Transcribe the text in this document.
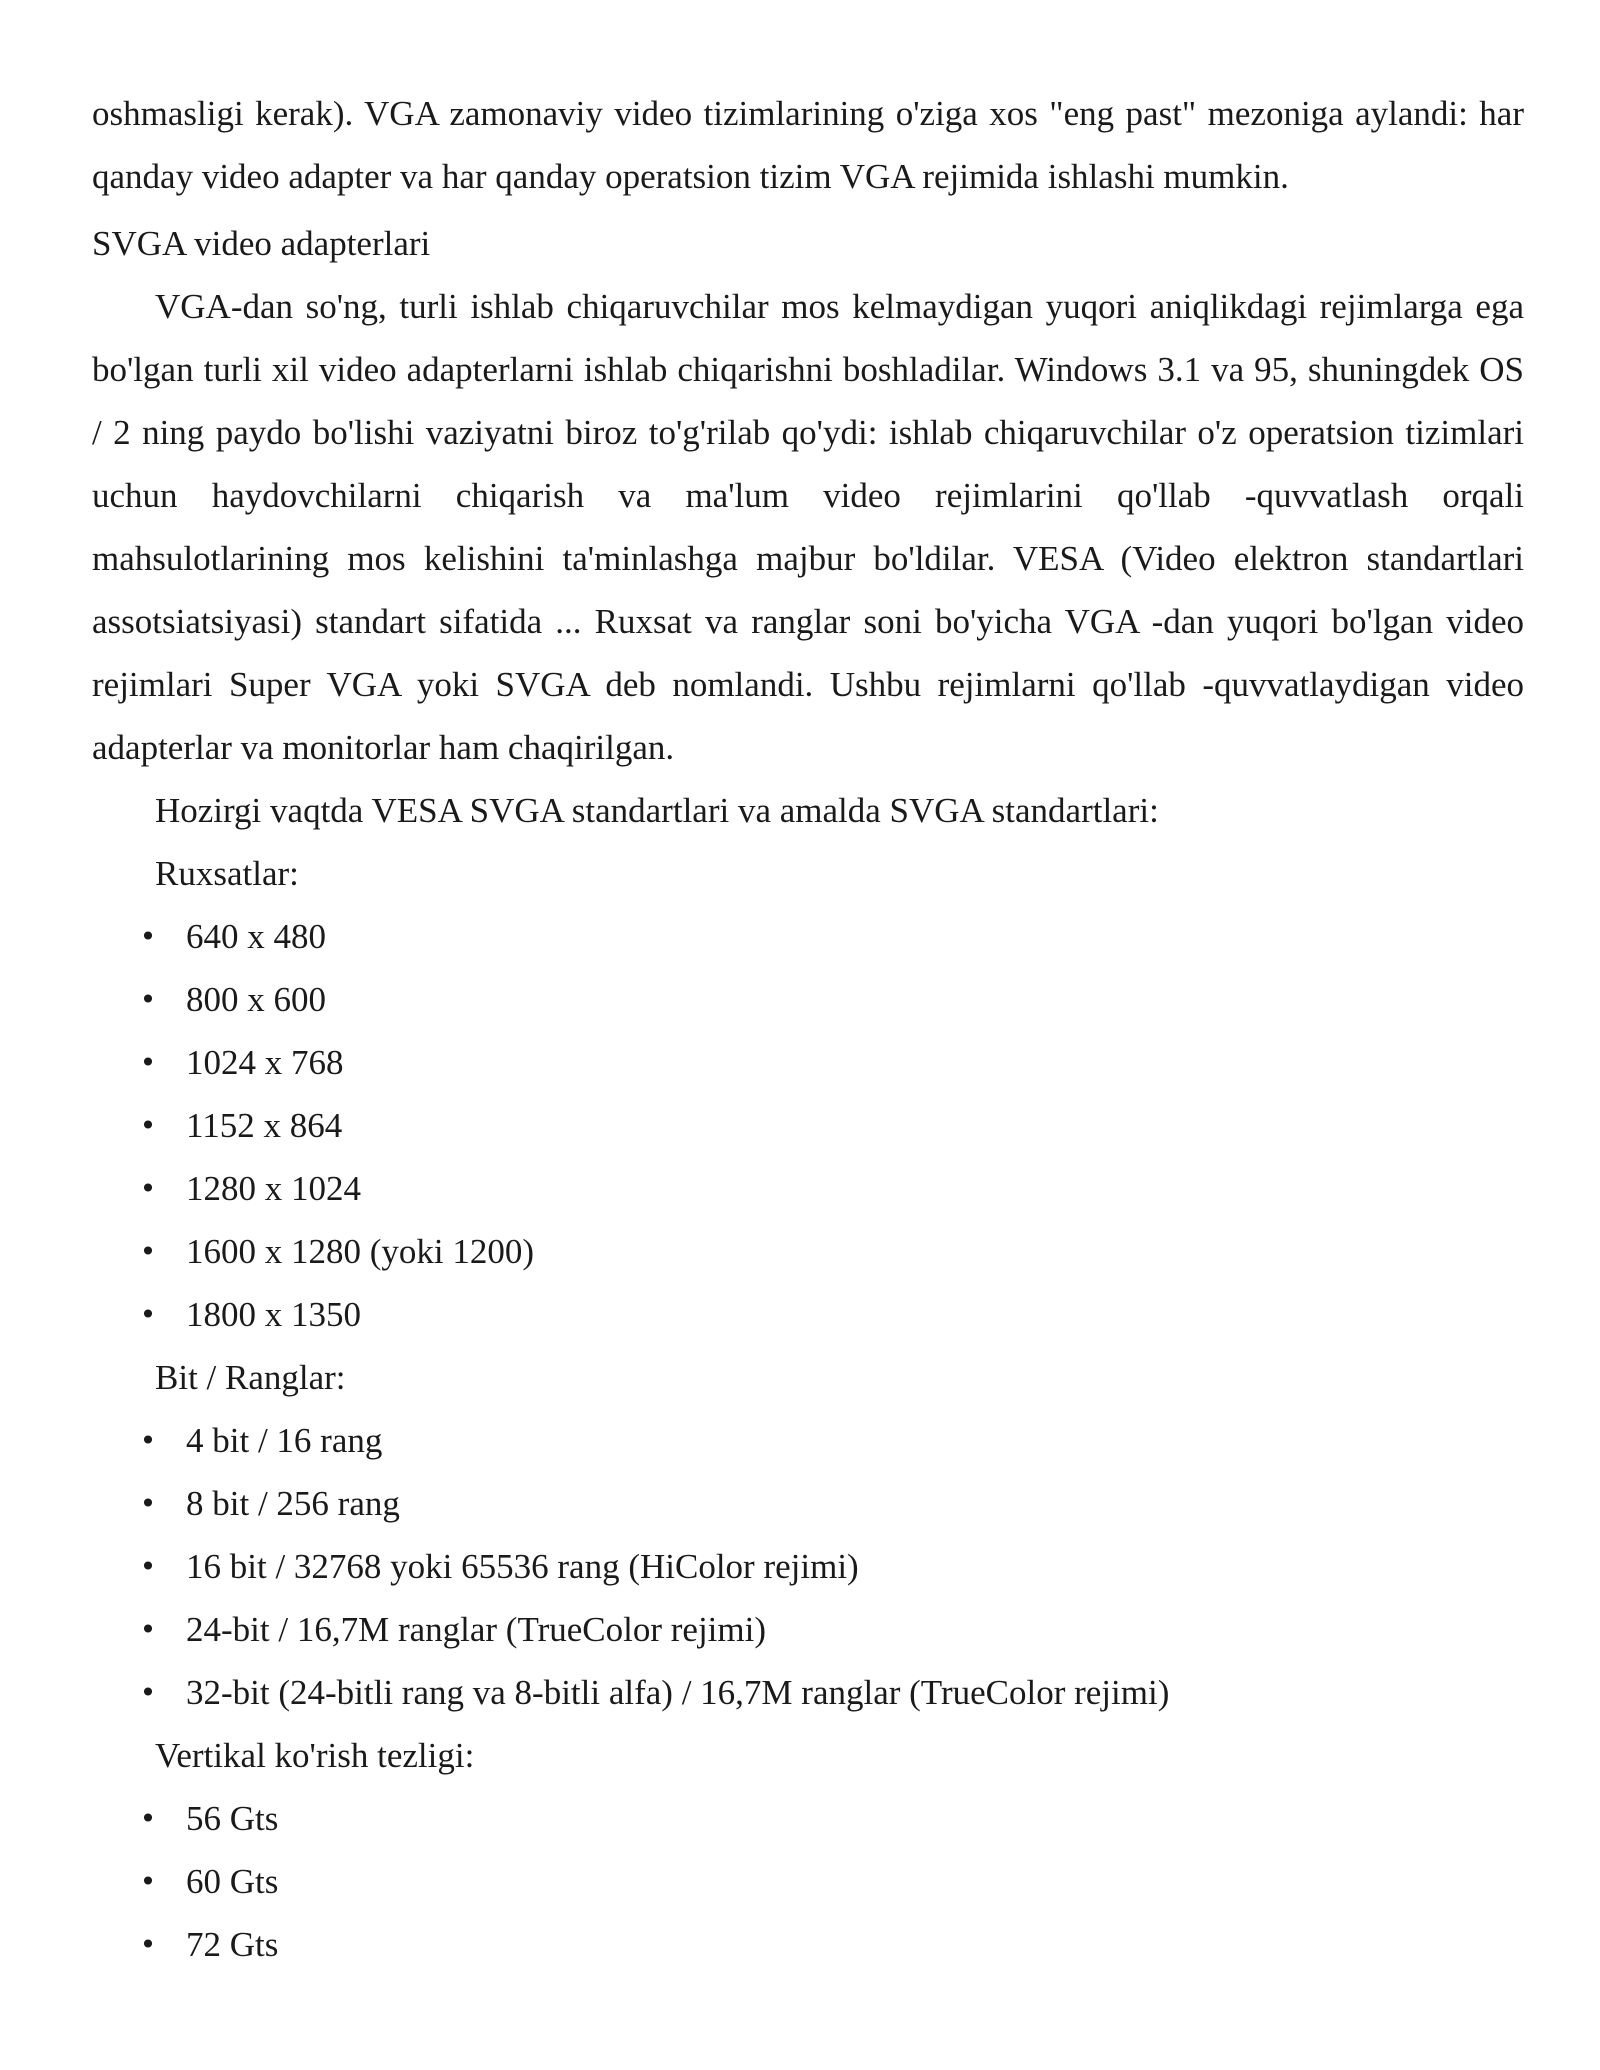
oshmasligi kerak). VGA zamonaviy video tizimlarining o'ziga xos "eng past" mezoniga aylandi: har qanday video adapter va har qanday operatsion tizim VGA rejimida ishlashi mumkin.

SVGA video adapterlari

VGA-dan so'ng, turli ishlab chiqaruvchilar mos kelmaydigan yuqori aniqlikdagi rejimlarga ega bo'lgan turli xil video adapterlarni ishlab chiqarishni boshladilar. Windows 3.1 va 95, shuningdek OS / 2 ning paydo bo'lishi vaziyatni biroz to'g'rilab qo'ydi: ishlab chiqaruvchilar o'z operatsion tizimlari uchun haydovchilarni chiqarish va ma'lum video rejimlarini qo'llab -quvvatlash orqali mahsulotlarining mos kelishini ta'minlashga majbur bo'ldilar. VESA (Video elektron standartlari assotsiatsiyasi) standart sifatida ... Ruxsat va ranglar soni bo'yicha VGA -dan yuqori bo'lgan video rejimlari Super VGA yoki SVGA deb nomlandi. Ushbu rejimlarni qo'llab -quvvatlaydigan video adapterlar va monitorlar ham chaqirilgan.

Hozirgi vaqtda VESA SVGA standartlari va amalda SVGA standartlari:

Ruxsatlar:

• 640 x 480
• 800 x 600
• 1024 x 768
• 1152 x 864
• 1280 x 1024
• 1600 x 1280 (yoki 1200)
• 1800 x 1350

Bit / Ranglar:

• 4 bit / 16 rang
• 8 bit / 256 rang
• 16 bit / 32768 yoki 65536 rang (HiColor rejimi)
• 24-bit / 16,7M ranglar (TrueColor rejimi)
• 32-bit (24-bitli rang va 8-bitli alfa) / 16,7M ranglar (TrueColor rejimi)

Vertikal ko'rish tezligi:

• 56 Gts
• 60 Gts
• 72 Gts
